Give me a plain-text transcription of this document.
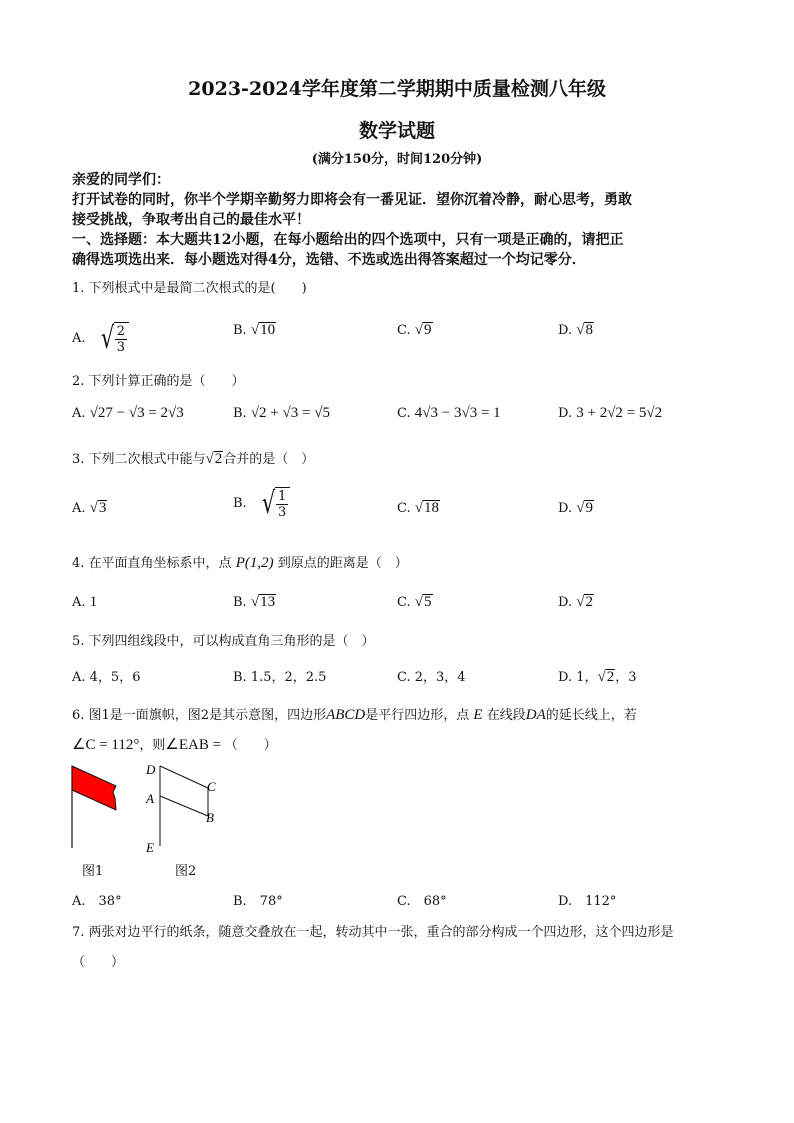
2023-2024学年度第二学期期中质量检测八年级
数学试题
(满分150分，时间120分钟)
亲爱的同学们：
打开试卷的同时，你半个学期辛勤努力即将会有一番见证．望你沉着冷静，耐心思考，勇敢
接受挑战，争取考出自己的最佳水平！
一、选择题：本大题共12小题，在每小题给出的四个选项中，只有一项是正确的，请把正
确得选项选出来．每小题选对得4分，选错、不选或选出得答案超过一个均记零分．
1. 下列根式中是最简二次根式的是(　　)
A. √ $\frac{2}{3}$	B. √10	C. √9	D. √8
2. 下列计算正确的是（　　）
A. √27 − √3 = 2√3	B. √2 + √3 = √5	C. 4√3 − 3√3 = 1	D. 3 + 2√2 = 5√2
3. 下列二次根式中能与√2合并的是（　）
A. √3	B. √ $\frac{1}{3}$	C. √18	D. √9
4. 在平面直角坐标系中，点 P(1,2) 到原点的距离是（　）
A. 1	B. √13	C. √5	D. √2
5. 下列四组线段中，可以构成直角三角形的是（　）
A. 4，5，6	B. 1.5，2，2.5	C. 2，3，4	D. 1，√2，3
6. 图1是一面旗帜，图2是其示意图，四边形ABCD是平行四边形，点 E 在线段DA的延长线上，若
∠C = 112°，则∠EAB = （　　）
图1
D
A
E
C
B
图2
A.　38°	B.　78°	C.　68°	D.　112°
7. 两张对边平行的纸条，随意交叠放在一起，转动其中一张，重合的部分构成一个四边形，这个四边形是
（　　）
